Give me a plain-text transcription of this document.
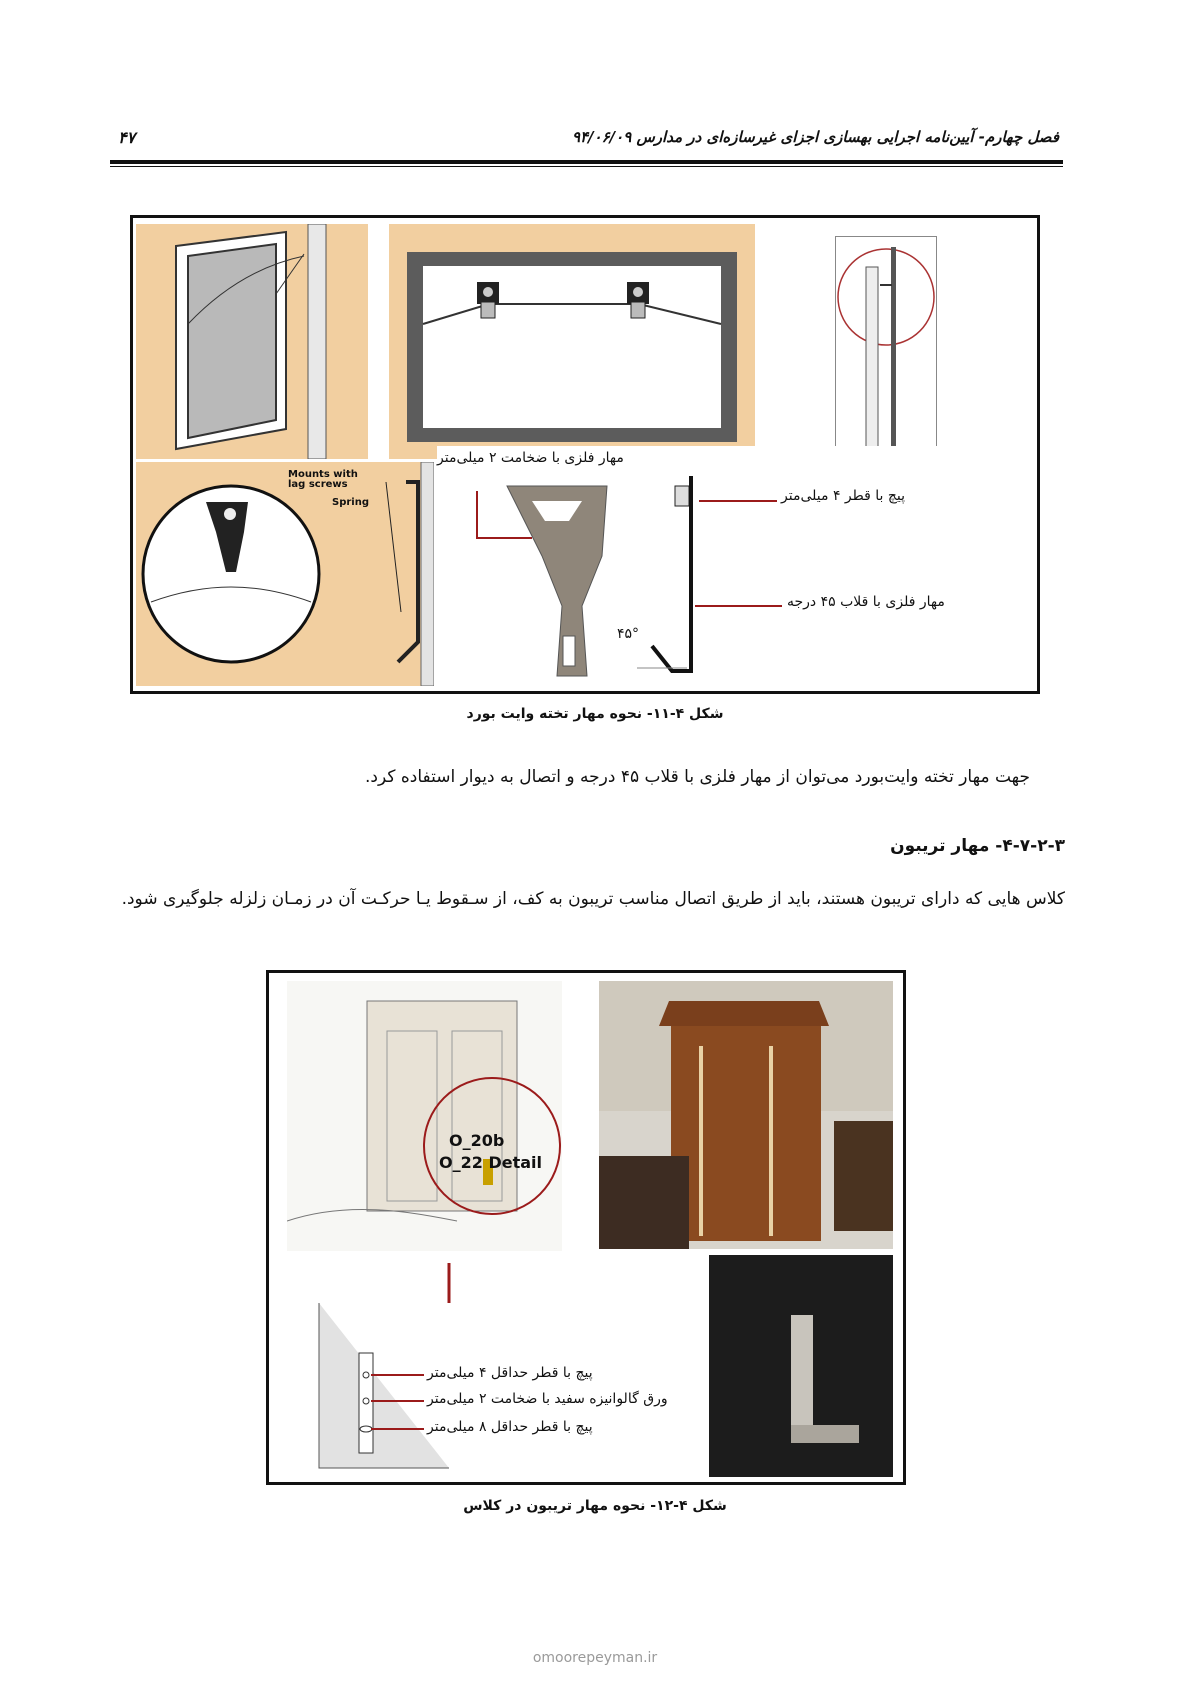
فصل چهارم- آیین‌نامه اجرایی بهسازی اجزای غیرسازه‌ای در مدارس ۹۴/۰۶/۰۹
۴۷
Mounts with
lag screws
Spring
مهار فلزی با ضخامت ۲ میلی‌متر
پیچ با قطر ۴ میلی‌متر
مهار فلزی با قلاب ۴۵ درجه
۴۵°
شکل ۴-۱۱- نحوه مهار تخته وایت بورد
جهت مهار تخته وایت‌بورد می‌توان از مهار فلزی با قلاب ۴۵ درجه و اتصال به دیوار استفاده کرد.
۴-۷-۲-۳- مهار تریبون
کلاس هایی که دارای تریبون هستند، باید از طریق اتصال مناسب تریبون به کف، از سـقوط یـا حرکـت آن در زمـان زلزله جلوگیری شود.
O_20b
O_22 Detail
پیچ با قطر حداقل ۴ میلی‌متر
ورق گالوانیزه سفید با ضخامت ۲ میلی‌متر
پیچ با قطر حداقل ۸ میلی‌متر
شکل ۴-۱۲- نحوه مهار تریبون در کلاس
omoorepeyman.ir
